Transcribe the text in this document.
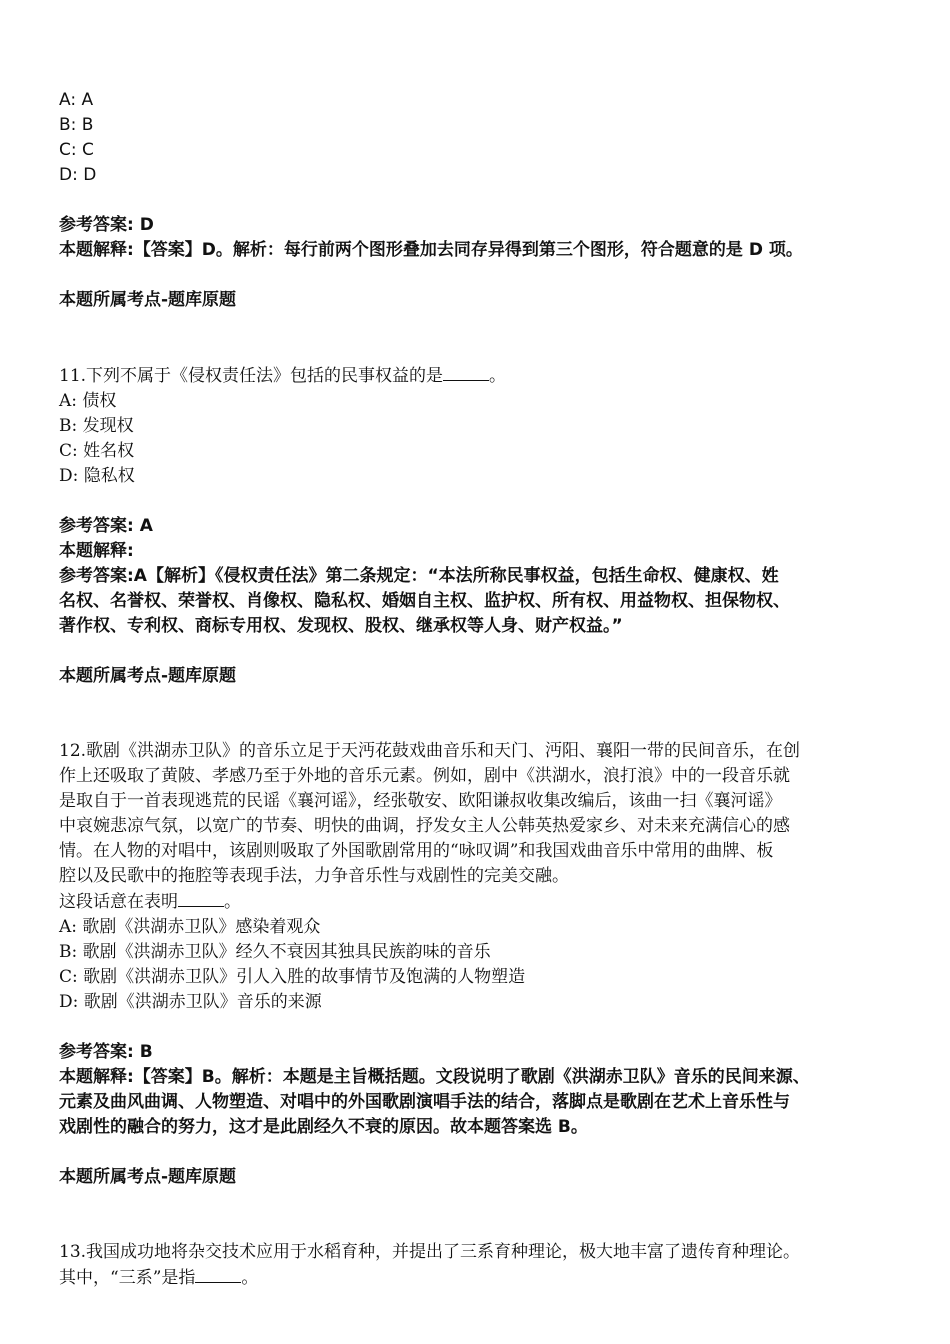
A: A
B: B
C: C
D: D
参考答案: D
本题解释:【答案】D。解析：每行前两个图形叠加去同存异得到第三个图形，符合题意的是 D 项。
本题所属考点-题库原题
11.下列不属于《侵权责任法》包括的民事权益的是	。
A: 债权
B: 发现权
C: 姓名权
D: 隐私权
参考答案: A
本题解释:
参考答案:A【解析】《侵权责任法》第二条规定：“本法所称民事权益，包括生命权、健康权、姓
名权、名誉权、荣誉权、肖像权、隐私权、婚姻自主权、监护权、所有权、用益物权、担保物权、
著作权、专利权、商标专用权、发现权、股权、继承权等人身、财产权益。”
本题所属考点-题库原题
12.歌剧《洪湖赤卫队》的音乐立足于天沔花鼓戏曲音乐和天门、沔阳、襄阳一带的民间音乐，在创
作上还吸取了黄陂、孝感乃至于外地的音乐元素。例如，剧中《洪湖水，浪打浪》中的一段音乐就
是取自于一首表现逃荒的民谣《襄河谣》，经张敬安、欧阳谦叔收集改编后，该曲一扫《襄河谣》
中哀婉悲凉气氛，以宽广的节奏、明快的曲调，抒发女主人公韩英热爱家乡、对未来充满信心的感
情。在人物的对唱中，该剧则吸取了外国歌剧常用的“咏叹调”和我国戏曲音乐中常用的曲牌、板
腔以及民歌中的拖腔等表现手法，力争音乐性与戏剧性的完美交融。
这段话意在表明	。
A: 歌剧《洪湖赤卫队》感染着观众
B: 歌剧《洪湖赤卫队》经久不衰因其独具民族韵味的音乐
C: 歌剧《洪湖赤卫队》引人入胜的故事情节及饱满的人物塑造
D: 歌剧《洪湖赤卫队》音乐的来源
参考答案: B
本题解释:【答案】B。解析：本题是主旨概括题。文段说明了歌剧《洪湖赤卫队》音乐的民间来源、
元素及曲风曲调、人物塑造、对唱中的外国歌剧演唱手法的结合，落脚点是歌剧在艺术上音乐性与
戏剧性的融合的努力，这才是此剧经久不衰的原因。故本题答案选 B。
本题所属考点-题库原题
13.我国成功地将杂交技术应用于水稻育种，并提出了三系育种理论，极大地丰富了遗传育种理论。
其中，“三系”是指	。
